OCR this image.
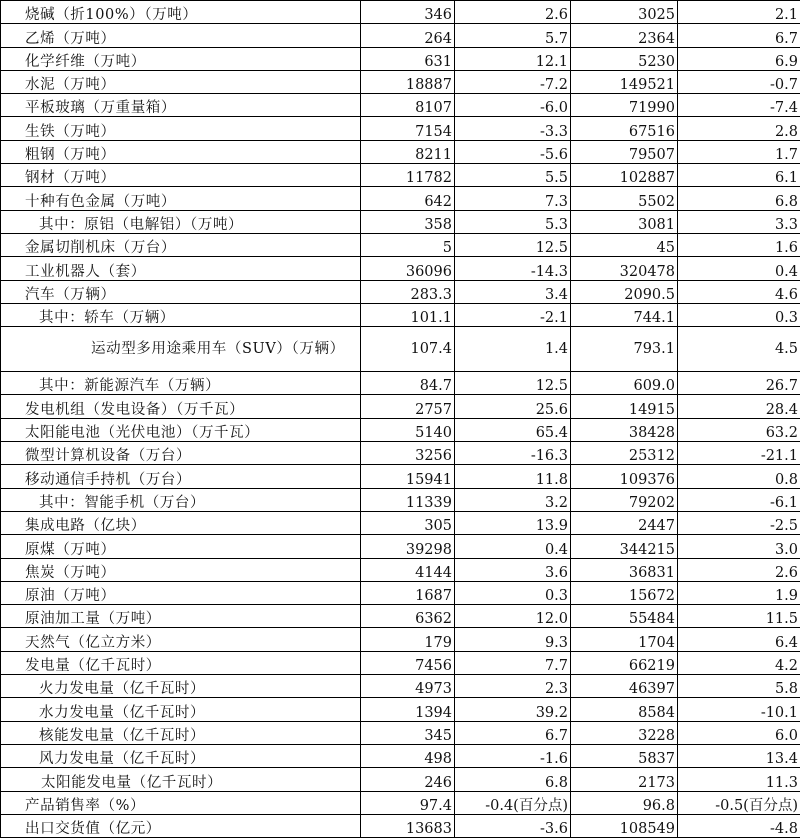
烧碱（折100%）（万吨）	346	2.6	3025	2.1
乙烯（万吨）	264	5.7	2364	6.7
化学纤维（万吨）	631	12.1	5230	6.9
水泥（万吨）	18887	-7.2	149521	-0.7
平板玻璃（万重量箱）	8107	-6.0	71990	-7.4
生铁（万吨）	7154	-3.3	67516	2.8
粗钢（万吨）	8211	-5.6	79507	1.7
钢材（万吨）	11782	5.5	102887	6.1
十种有色金属（万吨）	642	7.3	5502	6.8
其中：原铝（电解铝）（万吨）	358	5.3	3081	3.3
金属切削机床（万台）	5	12.5	45	1.6
工业机器人（套）	36096	-14.3	320478	0.4
汽车（万辆）	283.3	3.4	2090.5	4.6
其中：轿车（万辆）	101.1	-2.1	744.1	0.3
运动型多用途乘用车（SUV）（万辆）	107.4	1.4	793.1	4.5
其中：新能源汽车（万辆）	84.7	12.5	609.0	26.7
发电机组（发电设备）（万千瓦）	2757	25.6	14915	28.4
太阳能电池（光伏电池）（万千瓦）	5140	65.4	38428	63.2
微型计算机设备（万台）	3256	-16.3	25312	-21.1
移动通信手持机（万台）	15941	11.8	109376	0.8
其中：智能手机（万台）	11339	3.2	79202	-6.1
集成电路（亿块）	305	13.9	2447	-2.5
原煤（万吨）	39298	0.4	344215	3.0
焦炭（万吨）	4144	3.6	36831	2.6
原油（万吨）	1687	0.3	15672	1.9
原油加工量（万吨）	6362	12.0	55484	11.5
天然气（亿立方米）	179	9.3	1704	6.4
发电量（亿千瓦时）	7456	7.7	66219	4.2
火力发电量（亿千瓦时）	4973	2.3	46397	5.8
水力发电量（亿千瓦时）	1394	39.2	8584	-10.1
核能发电量（亿千瓦时）	345	6.7	3228	6.0
风力发电量（亿千瓦时）	498	-1.6	5837	13.4
太阳能发电量（亿千瓦时）	246	6.8	2173	11.3
产品销售率（%）	97.4	-0.4(百分点)	96.8	-0.5(百分点)
出口交货值（亿元）	13683	-3.6	108549	-4.8
